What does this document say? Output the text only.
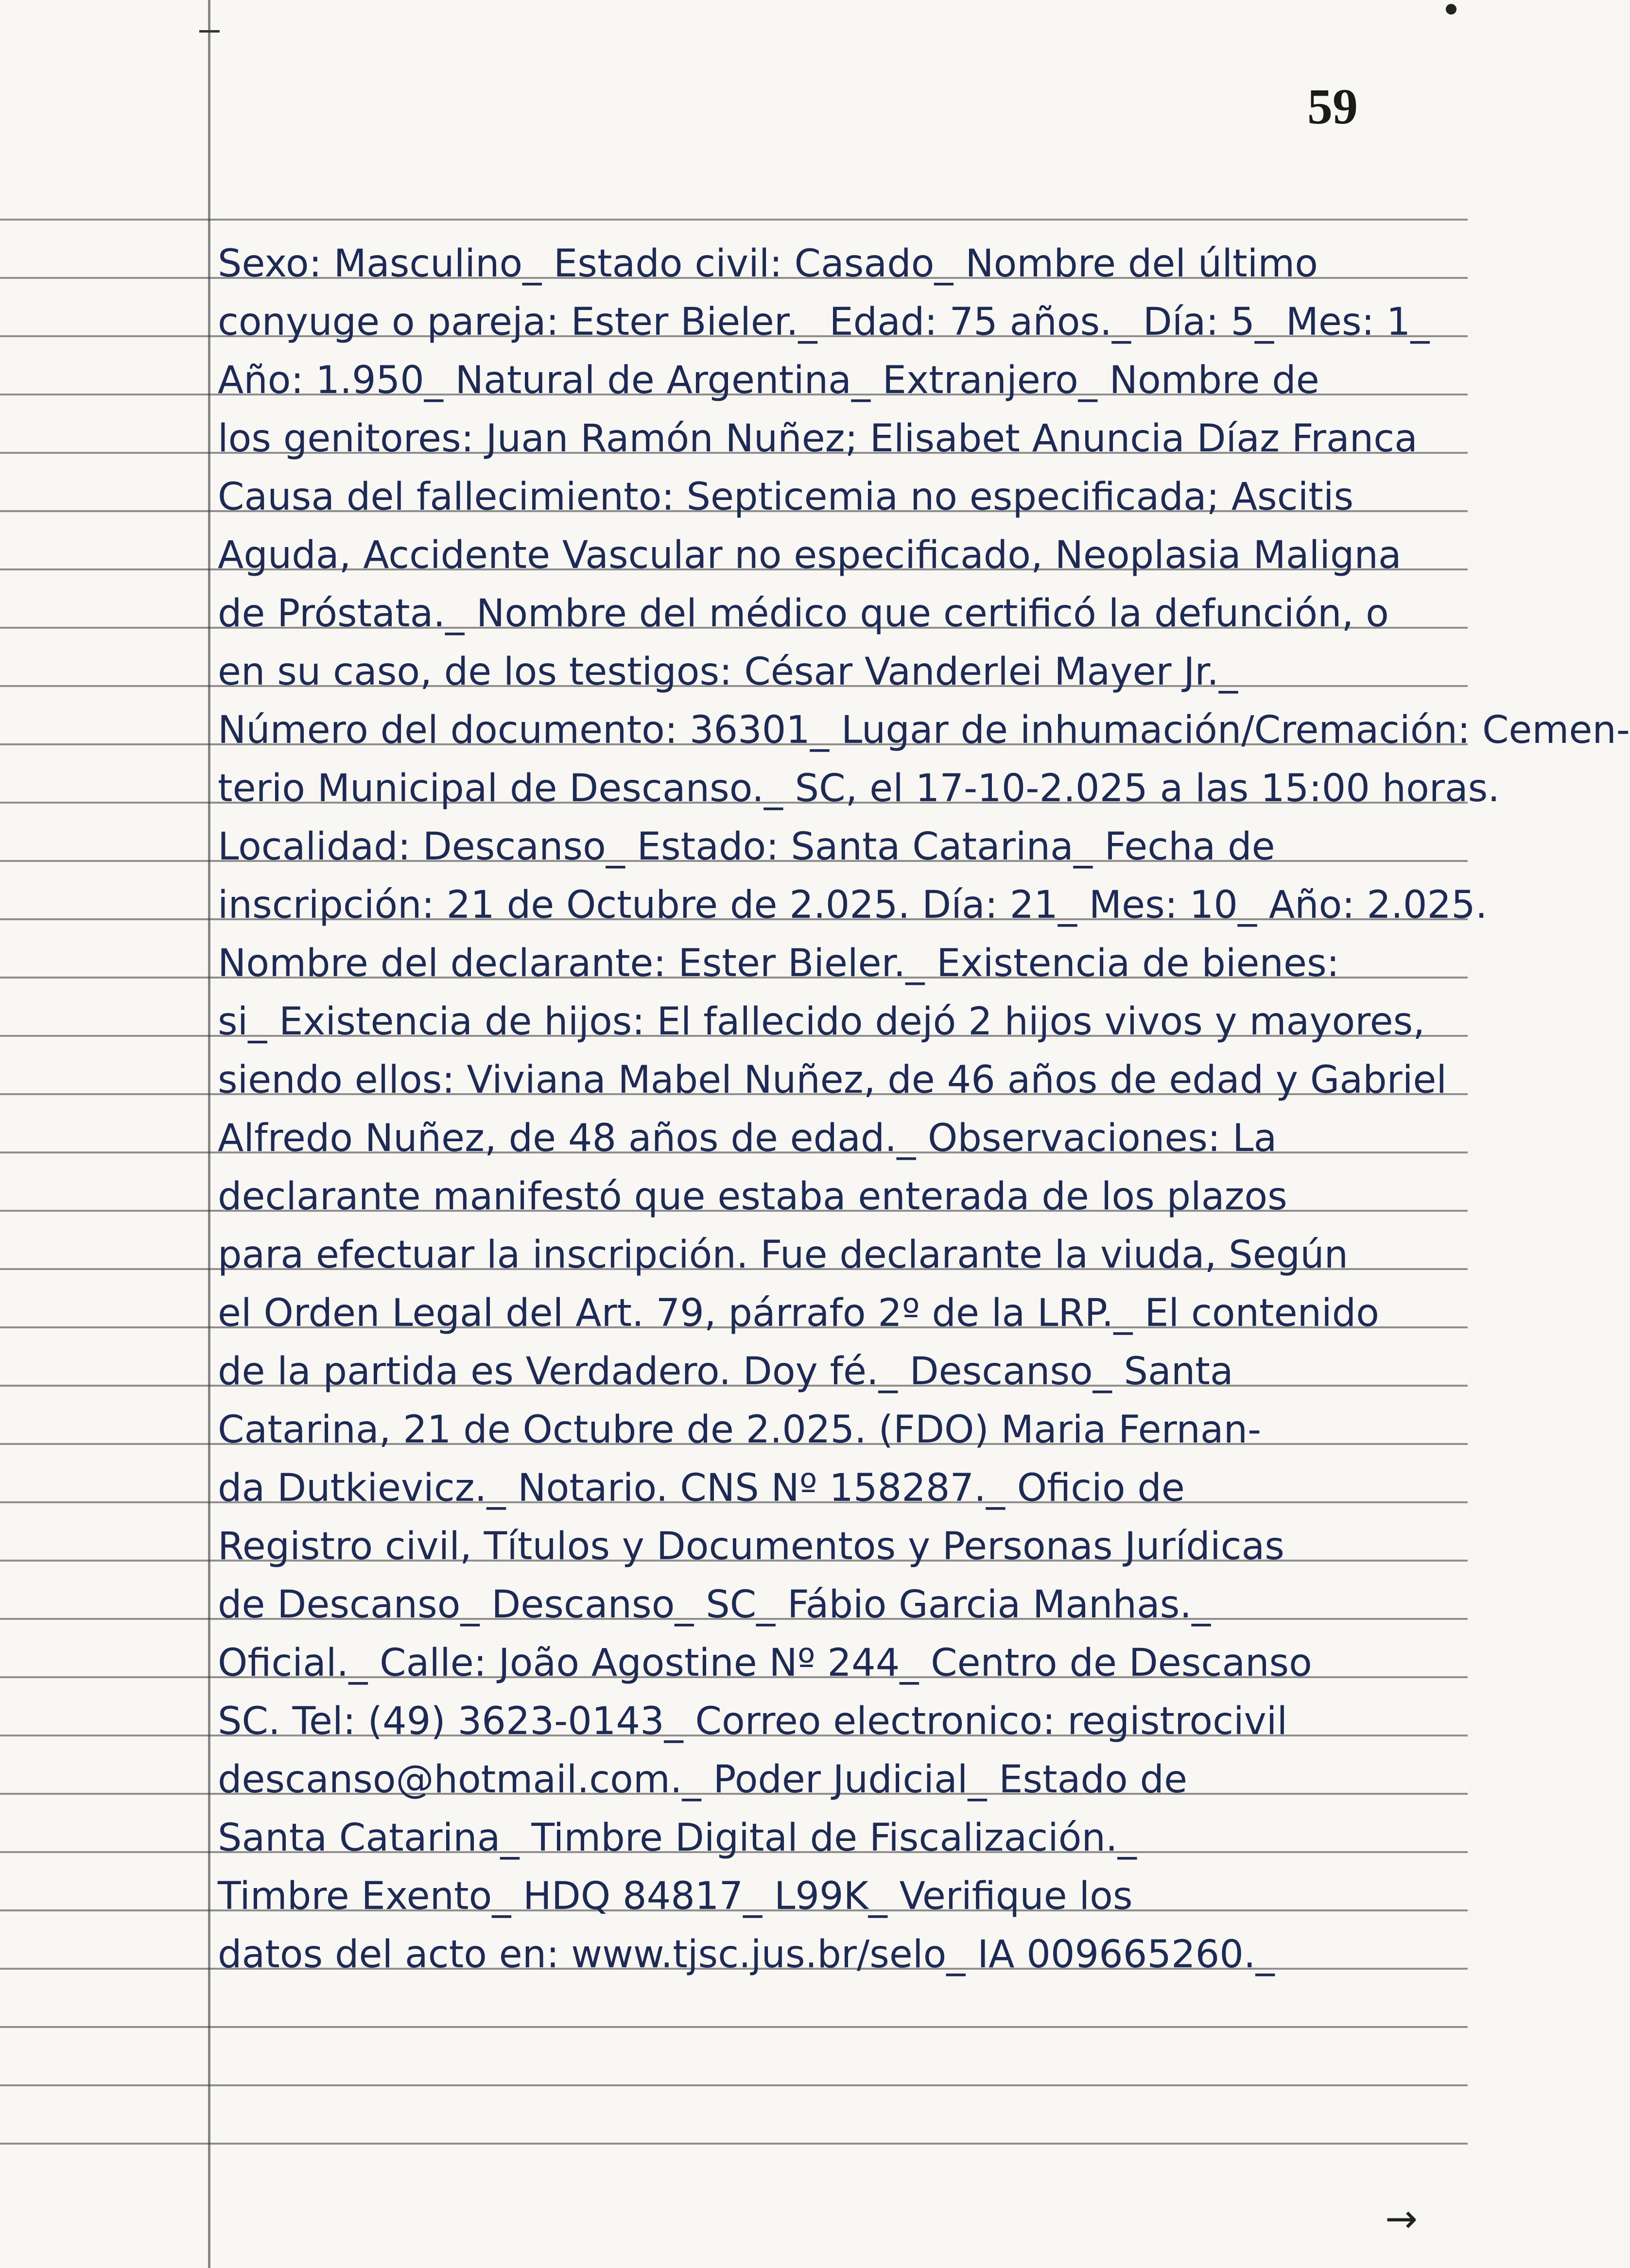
59
Sexo: Masculino_ Estado civil: Casado_ Nombre del último
conyuge o pareja: Ester Bieler._ Edad: 75 años._ Día: 5_ Mes: 1_
Año: 1.950_ Natural de Argentina_ Extranjero_ Nombre de
los genitores: Juan Ramón Nuñez; Elisabet Anuncia Díaz Franca
Causa del fallecimiento: Septicemia no especificada; Ascitis
Aguda, Accidente Vascular no especificado, Neoplasia Maligna
de Próstata._ Nombre del médico que certificó la defunción, o
en su caso, de los testigos: César Vanderlei Mayer Jr._
Número del documento: 36301_ Lugar de inhumación/Cremación: Cemen-
terio Municipal de Descanso._ SC, el 17-10-2.025 a las 15:00 horas.
Localidad: Descanso_ Estado: Santa Catarina_ Fecha de
inscripción: 21 de Octubre de 2.025. Día: 21_ Mes: 10_ Año: 2.025.
Nombre del declarante: Ester Bieler._ Existencia de bienes:
si_ Existencia de hijos: El fallecido dejó 2 hijos vivos y mayores,
siendo ellos: Viviana Mabel Nuñez, de 46 años de edad y Gabriel
Alfredo Nuñez, de 48 años de edad._ Observaciones: La
declarante manifestó que estaba enterada de los plazos
para efectuar la inscripción. Fue declarante la viuda, Según
el Orden Legal del Art. 79, párrafo 2º de la LRP._ El contenido
de la partida es Verdadero. Doy fé._ Descanso_ Santa
Catarina, 21 de Octubre de 2.025. (FDO) Maria Fernan-
da Dutkievicz._ Notario. CNS Nº 158287._ Oficio de
Registro civil, Títulos y Documentos y Personas Jurídicas
de Descanso_ Descanso_ SC_ Fábio Garcia Manhas._
Oficial._ Calle: João Agostine Nº 244_ Centro de Descanso
SC. Tel: (49) 3623-0143_ Correo electronico: registrocivil
descanso@hotmail.com._ Poder Judicial_ Estado de
Santa Catarina_ Timbre Digital de Fiscalización._
Timbre Exento_ HDQ 84817_ L99K_ Verifique los
datos del acto en: www.tjsc.jus.br/selo_ IA 009665260._
→
